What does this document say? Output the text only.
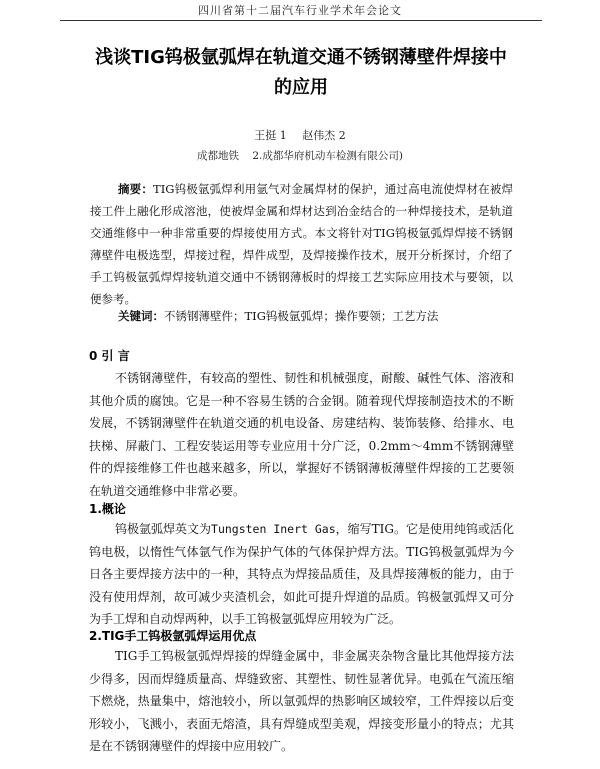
四川省第十二届汽车行业学术年会论文
浅谈TIG钨极氩弧焊在轨道交通不锈钢薄壁件焊接中
的应用
王挺 1 赵伟杰 2
成都地铁 2.成都华府机动车检测有限公司)
摘要：TIG钨极氩弧焊利用氩气对金属焊材的保护，通过高电流使焊材在被焊接工件上融化形成溶池，使被焊金属和焊材达到冶金结合的一种焊接技术，是轨道交通维修中一种非常重要的焊接使用方式。本文将针对TIG钨极氩弧焊焊接不锈钢薄壁件电极选型，焊接过程，焊件成型，及焊接操作技术，展开分析探讨，介绍了手工钨极氩弧焊焊接轨道交通中不锈钢薄板时的焊接工艺实际应用技术与要领，以便参考。
关键词：不锈钢薄壁件；TIG钨极氩弧焊；操作要领；工艺方法
0 引 言
不锈钢薄壁件，有较高的塑性、韧性和机械强度，耐酸、碱性气体、溶液和其他介质的腐蚀。它是一种不容易生锈的合金钢。随着现代焊接制造技术的不断发展，不锈钢薄壁件在轨道交通的机电设备、房建结构、装饰装修、给排水、电扶梯、屏蔽门、工程安装运用等专业应用十分广泛，0.2mm～4mm不锈钢薄壁件的焊接维修工件也越来越多，所以，掌握好不锈钢薄板薄壁件焊接的工艺要领在轨道交通维修中非常必要。
1.概论
钨极氩弧焊英文为Tungsten Inert Gas，缩写TIG。它是使用纯钨或活化钨电极，以惰性气体氩气作为保护气体的气体保护焊方法。TIG钨极氩弧焊为今日各主要焊接方法中的一种，其特点为焊接品质佳，及具焊接薄板的能力，由于没有使用焊剂，故可减少夹渣机会，如此可提升焊道的品质。钨极氩弧焊又可分为手工焊和自动焊两种，以手工钨极氩弧焊应用较为广泛。
2.TIG手工钨极氩弧焊运用优点
TIG手工钨极氩弧焊焊接的焊缝金属中，非金属夹杂物含量比其他焊接方法少得多，因而焊缝质量高、焊缝致密、其塑性、韧性显著优异。电弧在气流压缩下燃烧，热量集中，熔池较小，所以氩弧焊的热影响区域较窄，工件焊接以后变形较小，飞溅小，表面无熔渣，具有焊缝成型美观，焊接变形量小的特点；尤其是在不锈钢薄壁件的焊接中应用较广。
